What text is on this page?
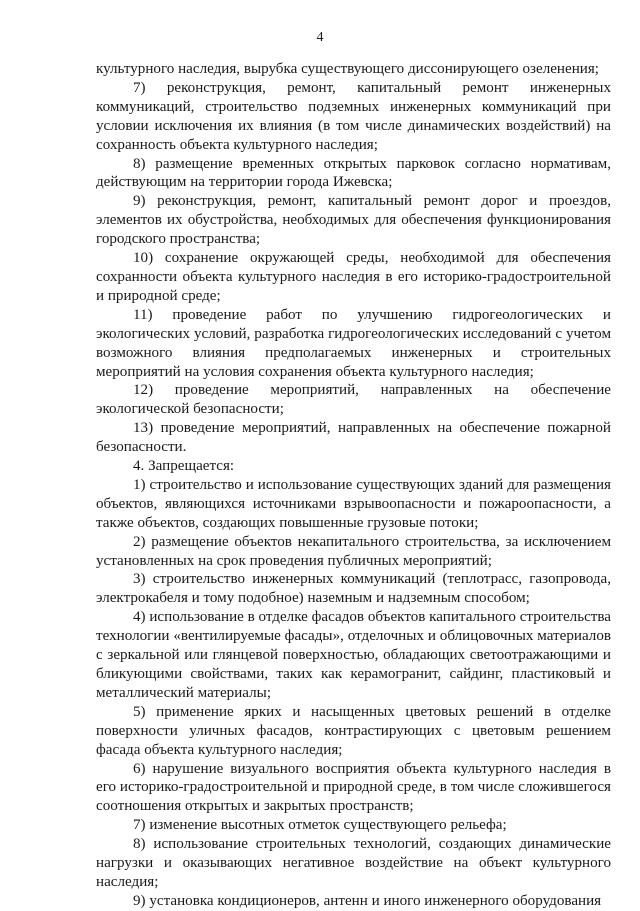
4

культурного наследия, вырубка существующего диссонирующего озеленения;

7) реконструкция, ремонт, капитальный ремонт инженерных коммуникаций, строительство подземных инженерных коммуникаций при условии исключения их влияния (в том числе динамических воздействий) на сохранность объекта культурного наследия;

8) размещение временных открытых парковок согласно нормативам, действующим на территории города Ижевска;

9) реконструкция, ремонт, капитальный ремонт дорог и проездов, элементов их обустройства, необходимых для обеспечения функционирования городского пространства;

10) сохранение окружающей среды, необходимой для обеспечения сохранности объекта культурного наследия в его историко-градостроительной и природной среде;

11) проведение работ по улучшению гидрогеологических и экологических условий, разработка гидрогеологических исследований с учетом возможного влияния предполагаемых инженерных и строительных мероприятий на условия сохранения объекта культурного наследия;

12) проведение мероприятий, направленных на обеспечение экологической безопасности;

13) проведение мероприятий, направленных на обеспечение пожарной безопасности.

4. Запрещается:

1) строительство и использование существующих зданий для размещения объектов, являющихся источниками взрывоопасности и пожароопасности, а также объектов, создающих повышенные грузовые потоки;

2) размещение объектов некапитального строительства, за исключением установленных на срок проведения публичных мероприятий;

3) строительство инженерных коммуникаций (теплотрасс, газопровода, электрокабеля и тому подобное) наземным и надземным способом;

4) использование в отделке фасадов объектов капитального строительства технологии «вентилируемые фасады», отделочных и облицовочных материалов с зеркальной или глянцевой поверхностью, обладающих светоотражающими и бликующими свойствами, таких как керамогранит, сайдинг, пластиковый и металлический материалы;

5) применение ярких и насыщенных цветовых решений в отделке поверхности уличных фасадов, контрастирующих с цветовым решением фасада объекта культурного наследия;

6) нарушение визуального восприятия объекта культурного наследия в его историко-градостроительной и природной среде, в том числе сложившегося соотношения открытых и закрытых пространств;

7) изменение высотных отметок существующего рельефа;

8) использование строительных технологий, создающих динамические нагрузки и оказывающих негативное воздействие на объект культурного наследия;

9) установка кондиционеров, антенн и иного инженерного оборудования
